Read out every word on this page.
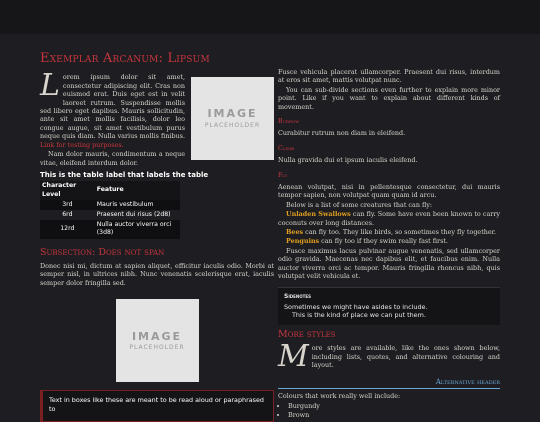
Exemplar Arcanum: Lipsum
IMAGE
PLACEHOLDER

Lorem ipsum dolor sit amet, consectetur adipiscing elit. Cras non euismod erat. Duis eget est in velit laoreet rutrum. Suspendisse mollis sed libero eget dapibus. Mauris sollicitudin, ante sit amet mollis facilisis, dolor leo congue augue, sit amet vestibulum purus neque quis diam. Nulla varius mollis finibus. Link for testing purposes.

Nam dolor mauris, condimentum a neque vitae, eleifend interdum dolor.

This is the table label that labels the table
Character Level	Feature
3rd	Mauris vestibulum
6rd	Praesent dui risus (2d8)
12rd	Nulla auctor viverra orci (3d8)
Subsection: Does not span

Donec nisi mi, dictum at sapien aliquet, efficitur iaculis odio. Morbi at semper nisl, in ultrices nibh. Nunc venenatis scelerisque erat, iaculis semper dolor fringilla sed.

IMAGE
PLACEHOLDER
Text in boxes like these are meant to be read aloud or paraphrased to

Fusce vehicula placerat ullamcorper. Praesent dui risus, interdum at eros sit amet, mattis volutpat nunc.

You can sub-divide sections even further to explain more minor point. Like if you want to explain about different kinds of movement.

Burrow

Curabitur rutrum non diam in eleifend.

Climb

Nulla gravida dui et ipsum iaculis eleifend.

Fly

Aenean volutpat, nisi in pellentesque consectetur, dui mauris tempor sapien, non volutpat quam quam id arcu.

Below is a list of some creatures that can fly:

Unladen Swallows can fly. Some have even been known to carry coconuts over long distances.

Bees can fly too. They like birds, so sometimes they fly together.

Penguins can fly too if they swim really fast first.

Fusce maximus lacus pulvinar augue venenatis, sed ullamcorper odio gravida. Maecenas nec dapibus elit, et faucibus enim. Nulla auctor viverra orci ac tempor. Mauris fringilla rhoncus nibh, quis volutpat velit vehicula et.

Sidenotes
Sometimes we might have asides to include.
This is the kind of place we can put them.
More styles

More styles are available, like the ones shown below, including lists, quotes, and alternative colouring and layout.

Alternative header

Colours that work really well include:

• Burgundy
• Brown
